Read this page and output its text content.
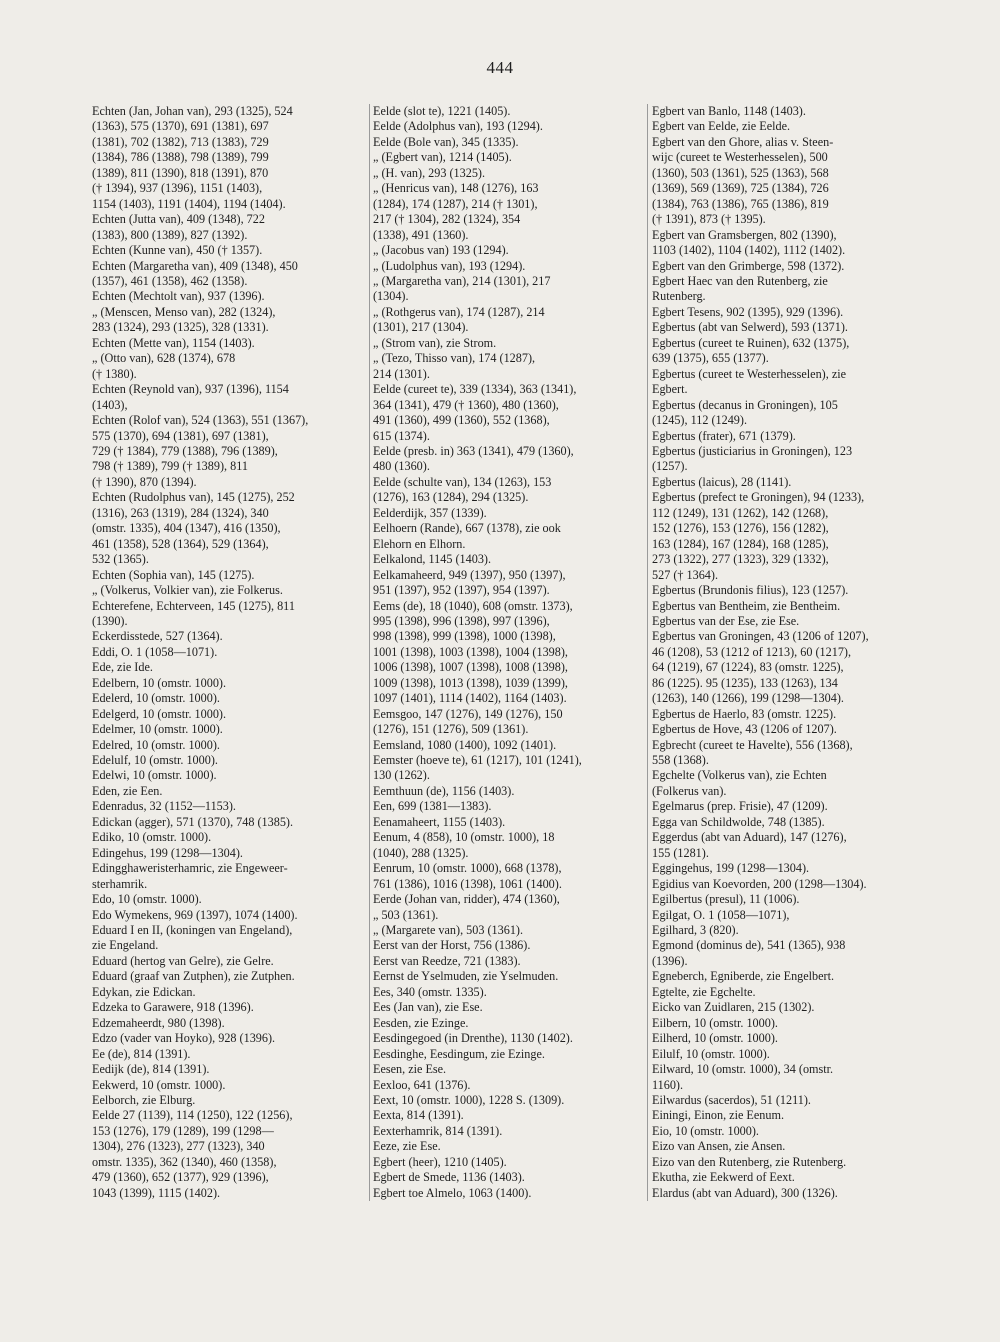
444
Echten (Jan, Johan van), 293 (1325), 524
(1363), 575 (1370), 691 (1381), 697
(1381), 702 (1382), 713 (1383), 729
(1384), 786 (1388), 798 (1389), 799
(1389), 811 (1390), 818 (1391), 870
(† 1394), 937 (1396), 1151 (1403),
1154 (1403), 1191 (1404), 1194 (1404).
Echten (Jutta van), 409 (1348), 722
(1383), 800 (1389), 827 (1392).
Echten (Kunne van), 450 († 1357).
Echten (Margaretha van), 409 (1348), 450
(1357), 461 (1358), 462 (1358).
Echten (Mechtolt van), 937 (1396).
„ (Menscen, Menso van), 282 (1324),
283 (1324), 293 (1325), 328 (1331).
Echten (Mette van), 1154 (1403).
„ (Otto van), 628 (1374), 678
(† 1380).
Echten (Reynold van), 937 (1396), 1154
(1403),
Echten (Rolof van), 524 (1363), 551 (1367),
575 (1370), 694 (1381), 697 (1381),
729 († 1384), 779 (1388), 796 (1389),
798 († 1389), 799 († 1389), 811
(† 1390), 870 (1394).
Echten (Rudolphus van), 145 (1275), 252
(1316), 263 (1319), 284 (1324), 340
(omstr. 1335), 404 (1347), 416 (1350),
461 (1358), 528 (1364), 529 (1364),
532 (1365).
Echten (Sophia van), 145 (1275).
„ (Volkerus, Volkier van), zie Folkerus.
Echterefene, Echterveen, 145 (1275), 811
(1390).
Eckerdisstede, 527 (1364).
Eddi, O. 1 (1058—1071).
Ede, zie Ide.
Edelbern, 10 (omstr. 1000).
Edelerd, 10 (omstr. 1000).
Edelgerd, 10 (omstr. 1000).
Edelmer, 10 (omstr. 1000).
Edelred, 10 (omstr. 1000).
Edelulf, 10 (omstr. 1000).
Edelwi, 10 (omstr. 1000).
Eden, zie Een.
Edenradus, 32 (1152—1153).
Edickan (agger), 571 (1370), 748 (1385).
Ediko, 10 (omstr. 1000).
Edingehus, 199 (1298—1304).
Edingghaweristerhamric, zie Engeweer-
sterhamrik.
Edo, 10 (omstr. 1000).
Edo Wymekens, 969 (1397), 1074 (1400).
Eduard I en II, (koningen van Engeland),
zie Engeland.
Eduard (hertog van Gelre), zie Gelre.
Eduard (graaf van Zutphen), zie Zutphen.
Edykan, zie Edickan.
Edzeka to Garawere, 918 (1396).
Edzemaheerdt, 980 (1398).
Edzo (vader van Hoyko), 928 (1396).
Ee (de), 814 (1391).
Eedijk (de), 814 (1391).
Eekwerd, 10 (omstr. 1000).
Eelborch, zie Elburg.
Eelde 27 (1139), 114 (1250), 122 (1256),
153 (1276), 179 (1289), 199 (1298—
1304), 276 (1323), 277 (1323), 340
omstr. 1335), 362 (1340), 460 (1358),
479 (1360), 652 (1377), 929 (1396),
1043 (1399), 1115 (1402).
Eelde (slot te), 1221 (1405).
Eelde (Adolphus van), 193 (1294).
Eelde (Bole van), 345 (1335).
„ (Egbert van), 1214 (1405).
„ (H. van), 293 (1325).
„ (Henricus van), 148 (1276), 163
(1284), 174 (1287), 214 († 1301),
217 († 1304), 282 (1324), 354
(1338), 491 (1360).
„ (Jacobus van) 193 (1294).
„ (Ludolphus van), 193 (1294).
„ (Margaretha van), 214 (1301), 217
(1304).
„ (Rothgerus van), 174 (1287), 214
(1301), 217 (1304).
„ (Strom van), zie Strom.
„ (Tezo, Thisso van), 174 (1287),
214 (1301).
Eelde (cureet te), 339 (1334), 363 (1341),
364 (1341), 479 († 1360), 480 (1360),
491 (1360), 499 (1360), 552 (1368),
615 (1374).
Eelde (presb. in) 363 (1341), 479 (1360),
480 (1360).
Eelde (schulte van), 134 (1263), 153
(1276), 163 (1284), 294 (1325).
Eelderdijk, 357 (1339).
Eelhoern (Rande), 667 (1378), zie ook
Elehorn en Elhorn.
Eelkalond, 1145 (1403).
Eelkamaheerd, 949 (1397), 950 (1397),
951 (1397), 952 (1397), 954 (1397).
Eems (de), 18 (1040), 608 (omstr. 1373),
995 (1398), 996 (1398), 997 (1396),
998 (1398), 999 (1398), 1000 (1398),
1001 (1398), 1003 (1398), 1004 (1398),
1006 (1398), 1007 (1398), 1008 (1398),
1009 (1398), 1013 (1398), 1039 (1399),
1097 (1401), 1114 (1402), 1164 (1403).
Eemsgoo, 147 (1276), 149 (1276), 150
(1276), 151 (1276), 509 (1361).
Eemsland, 1080 (1400), 1092 (1401).
Eemster (hoeve te), 61 (1217), 101 (1241),
130 (1262).
Eemthuun (de), 1156 (1403).
Een, 699 (1381—1383).
Eenamaheert, 1155 (1403).
Eenum, 4 (858), 10 (omstr. 1000), 18
(1040), 288 (1325).
Eenrum, 10 (omstr. 1000), 668 (1378),
761 (1386), 1016 (1398), 1061 (1400).
Eerde (Johan van, ridder), 474 (1360),
„ 503 (1361).
„ (Margarete van), 503 (1361).
Eerst van der Horst, 756 (1386).
Eerst van Reedze, 721 (1383).
Eernst de Yselmuden, zie Yselmuden.
Ees, 340 (omstr. 1335).
Ees (Jan van), zie Ese.
Eesden, zie Ezinge.
Eesdingegoed (in Drenthe), 1130 (1402).
Eesdinghe, Eesdingum, zie Ezinge.
Eesen, zie Ese.
Eexloo, 641 (1376).
Eext, 10 (omstr. 1000), 1228 S. (1309).
Eexta, 814 (1391).
Eexterhamrik, 814 (1391).
Eeze, zie Ese.
Egbert (heer), 1210 (1405).
Egbert de Smede, 1136 (1403).
Egbert toe Almelo, 1063 (1400).
Egbert van Banlo, 1148 (1403).
Egbert van Eelde, zie Eelde.
Egbert van den Ghore, alias v. Steen-
wijc (cureet te Westerhesselen), 500
(1360), 503 (1361), 525 (1363), 568
(1369), 569 (1369), 725 (1384), 726
(1384), 763 (1386), 765 (1386), 819
(† 1391), 873 († 1395).
Egbert van Gramsbergen, 802 (1390),
1103 (1402), 1104 (1402), 1112 (1402).
Egbert van den Grimberge, 598 (1372).
Egbert Haec van den Rutenberg, zie
Rutenberg.
Egbert Tesens, 902 (1395), 929 (1396).
Egbertus (abt van Selwerd), 593 (1371).
Egbertus (cureet te Ruinen), 632 (1375),
639 (1375), 655 (1377).
Egbertus (cureet te Westerhesselen), zie
Egbert.
Egbertus (decanus in Groningen), 105
(1245), 112 (1249).
Egbertus (frater), 671 (1379).
Egbertus (justiciarius in Groningen), 123
(1257).
Egbertus (laicus), 28 (1141).
Egbertus (prefect te Groningen), 94 (1233),
112 (1249), 131 (1262), 142 (1268),
152 (1276), 153 (1276), 156 (1282),
163 (1284), 167 (1284), 168 (1285),
273 (1322), 277 (1323), 329 (1332),
527 († 1364).
Egbertus (Brundonis filius), 123 (1257).
Egbertus van Bentheim, zie Bentheim.
Egbertus van der Ese, zie Ese.
Egbertus van Groningen, 43 (1206 of 1207),
46 (1208), 53 (1212 of 1213), 60 (1217),
64 (1219), 67 (1224), 83 (omstr. 1225),
86 (1225). 95 (1235), 133 (1263), 134
(1263), 140 (1266), 199 (1298—1304).
Egbertus de Haerlo, 83 (omstr. 1225).
Egbertus de Hove, 43 (1206 of 1207).
Egbrecht (cureet te Havelte), 556 (1368),
558 (1368).
Egchelte (Volkerus van), zie Echten
(Folkerus van).
Egelmarus (prep. Frisie), 47 (1209).
Egga van Schildwolde, 748 (1385).
Eggerdus (abt van Aduard), 147 (1276),
155 (1281).
Eggingehus, 199 (1298—1304).
Egidius van Koevorden, 200 (1298—1304).
Egilbertus (presul), 11 (1006).
Egilgat, O. 1 (1058—1071),
Egilhard, 3 (820).
Egmond (dominus de), 541 (1365), 938
(1396).
Egneberch, Egniberde, zie Engelbert.
Egtelte, zie Egchelte.
Eicko van Zuidlaren, 215 (1302).
Eilbern, 10 (omstr. 1000).
Eilherd, 10 (omstr. 1000).
Eilulf, 10 (omstr. 1000).
Eilward, 10 (omstr. 1000), 34 (omstr.
1160).
Eilwardus (sacerdos), 51 (1211).
Einingi, Einon, zie Eenum.
Eio, 10 (omstr. 1000).
Eizo van Ansen, zie Ansen.
Eizo van den Rutenberg, zie Rutenberg.
Ekutha, zie Eekwerd of Eext.
Elardus (abt van Aduard), 300 (1326).
